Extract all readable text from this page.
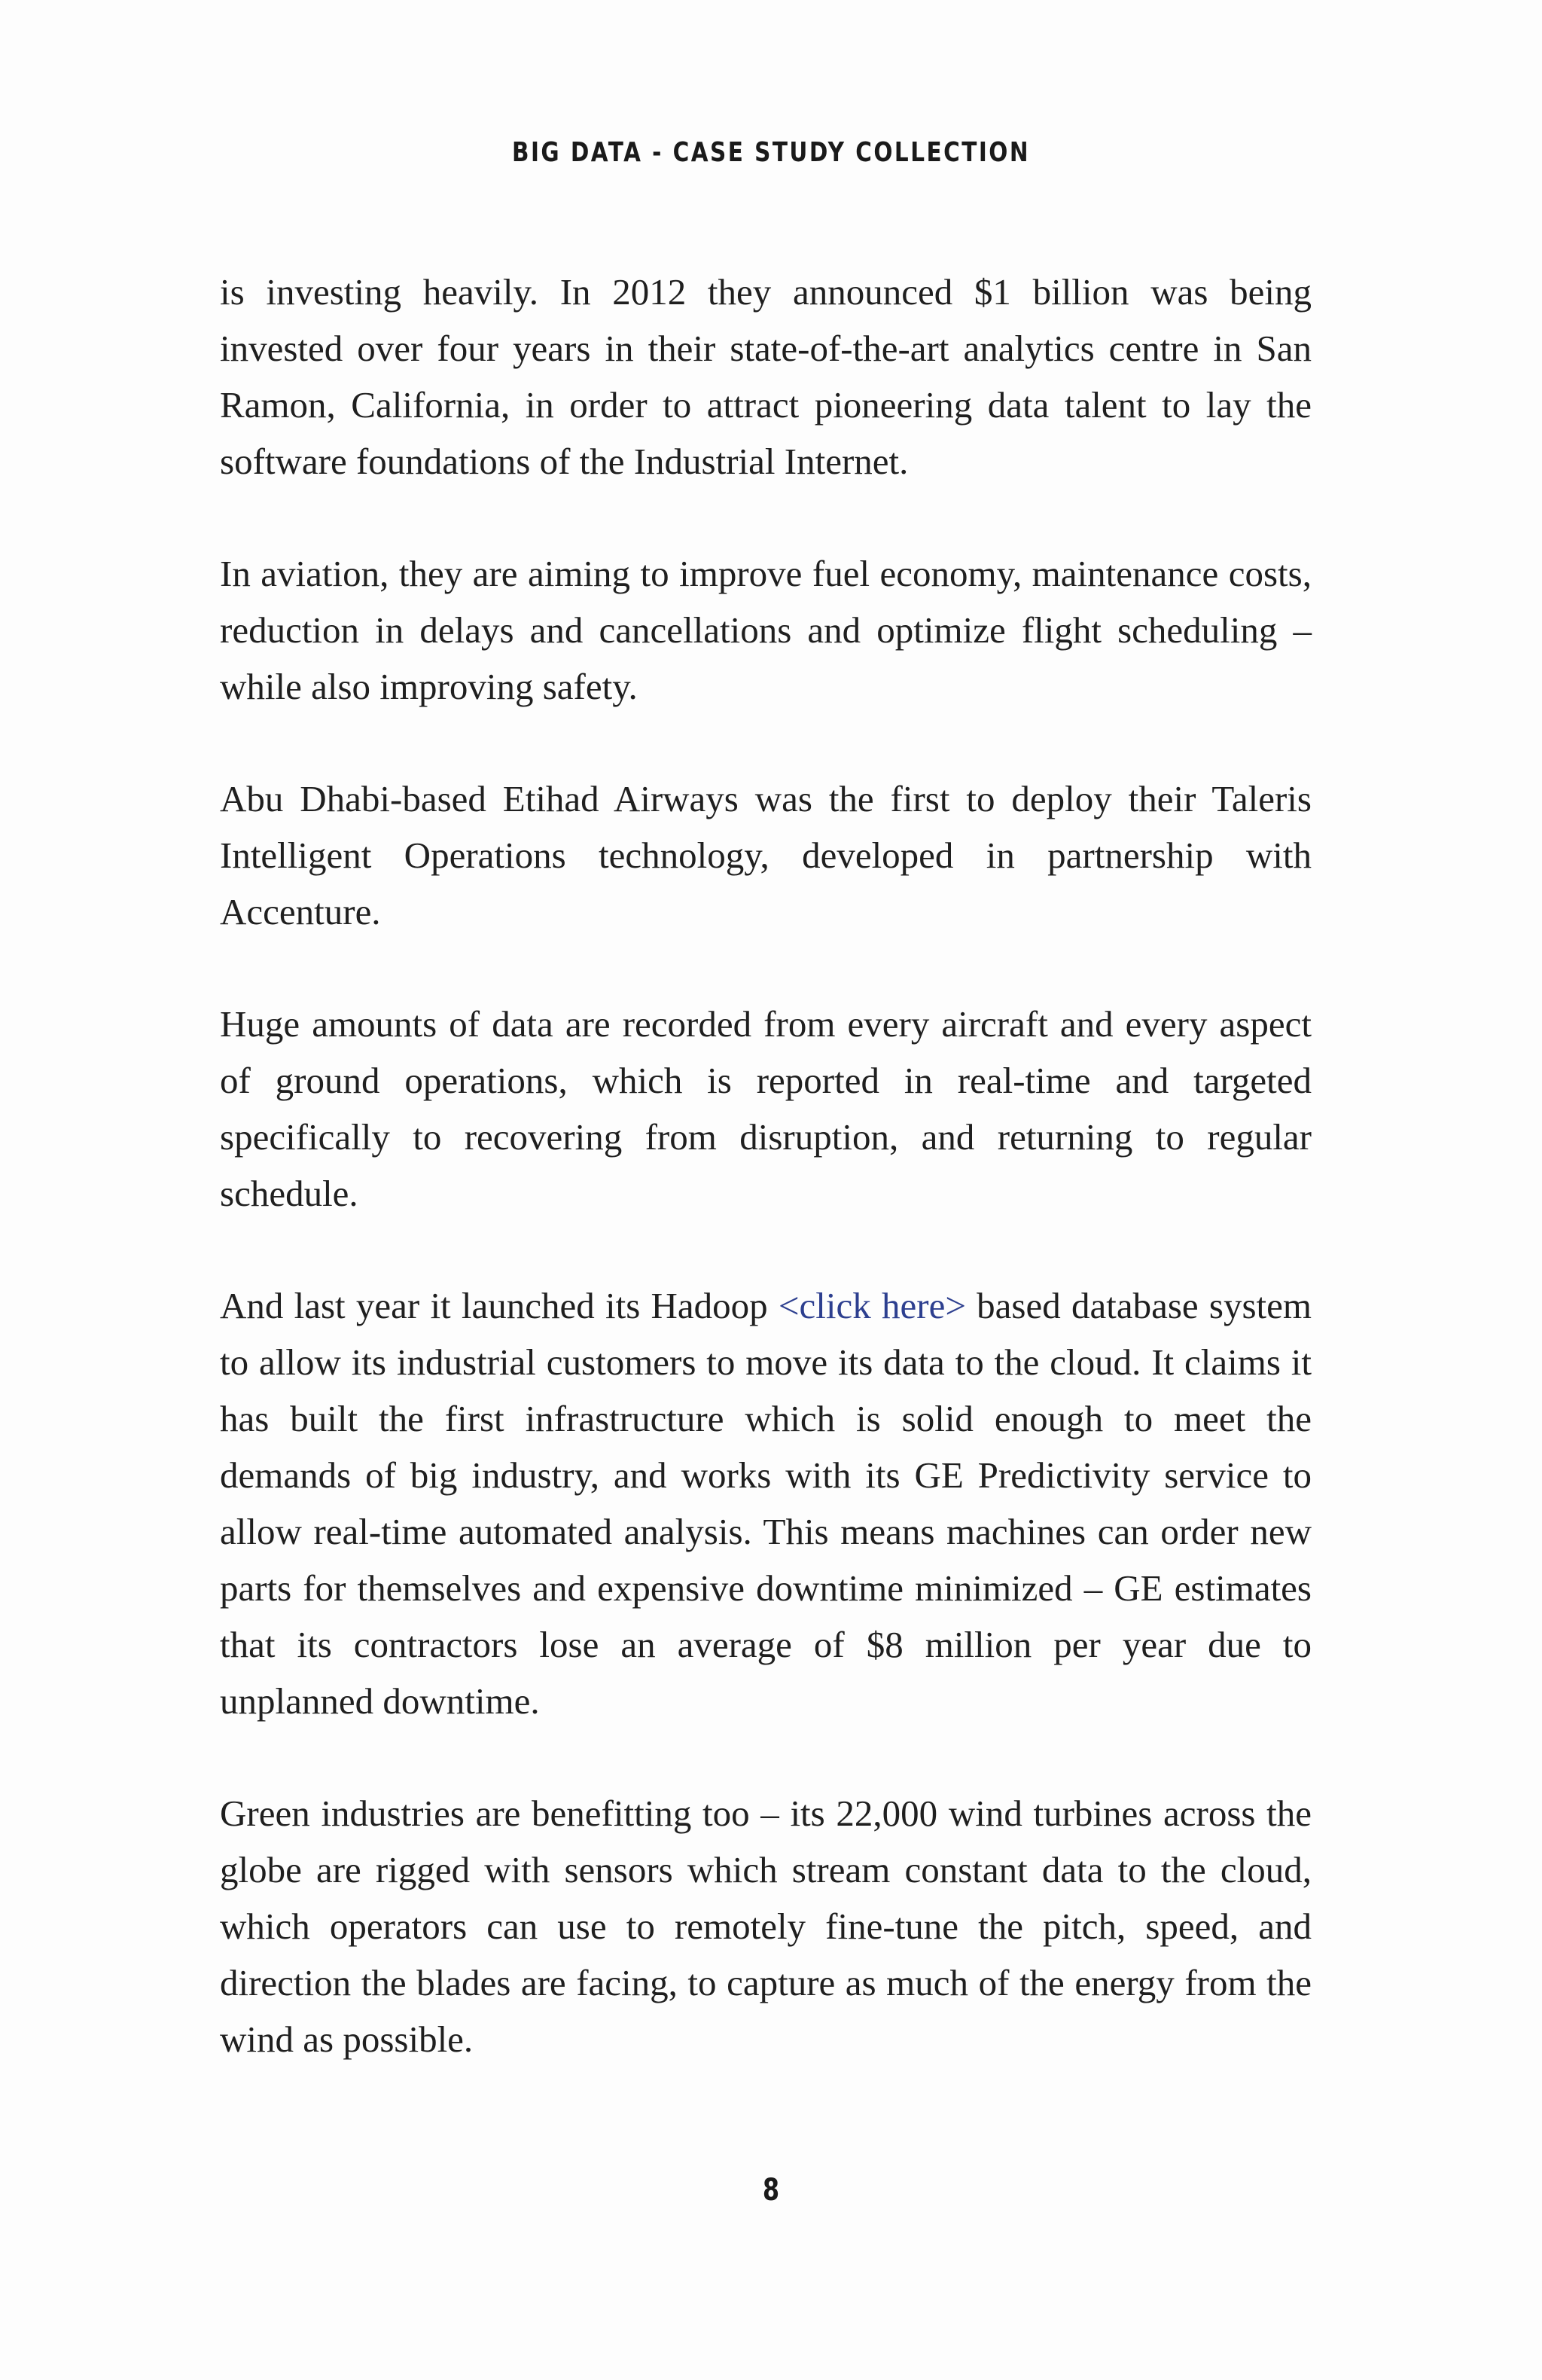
BIG DATA - CASE STUDY COLLECTION

is investing heavily. In 2012 they announced $1 billion was being invested over four years in their state-of-the-art analytics centre in San Ramon, California, in order to attract pioneering data talent to lay the software foundations of the Industrial Internet.

In aviation, they are aiming to improve fuel economy, maintenance costs, reduction in delays and cancellations and optimize flight scheduling – while also improving safety.

Abu Dhabi-based Etihad Airways was the first to deploy their Taleris Intelligent Operations technology, developed in partnership with Accenture.

Huge amounts of data are recorded from every aircraft and every aspect of ground operations, which is reported in real-time and targeted specifically to recovering from disruption, and returning to regular schedule.

And last year it launched its Hadoop <click here> based database system to allow its industrial customers to move its data to the cloud. It claims it has built the first infrastructure which is solid enough to meet the demands of big industry, and works with its GE Predictivity service to allow real-time automated analysis. This means machines can order new parts for themselves and expensive downtime minimized – GE estimates that its contractors lose an average of $8 million per year due to unplanned downtime.

Green industries are benefitting too – its 22,000 wind turbines across the globe are rigged with sensors which stream constant data to the cloud, which operators can use to remotely fine-tune the pitch, speed, and direction the blades are facing, to capture as much of the energy from the wind as possible.

8
